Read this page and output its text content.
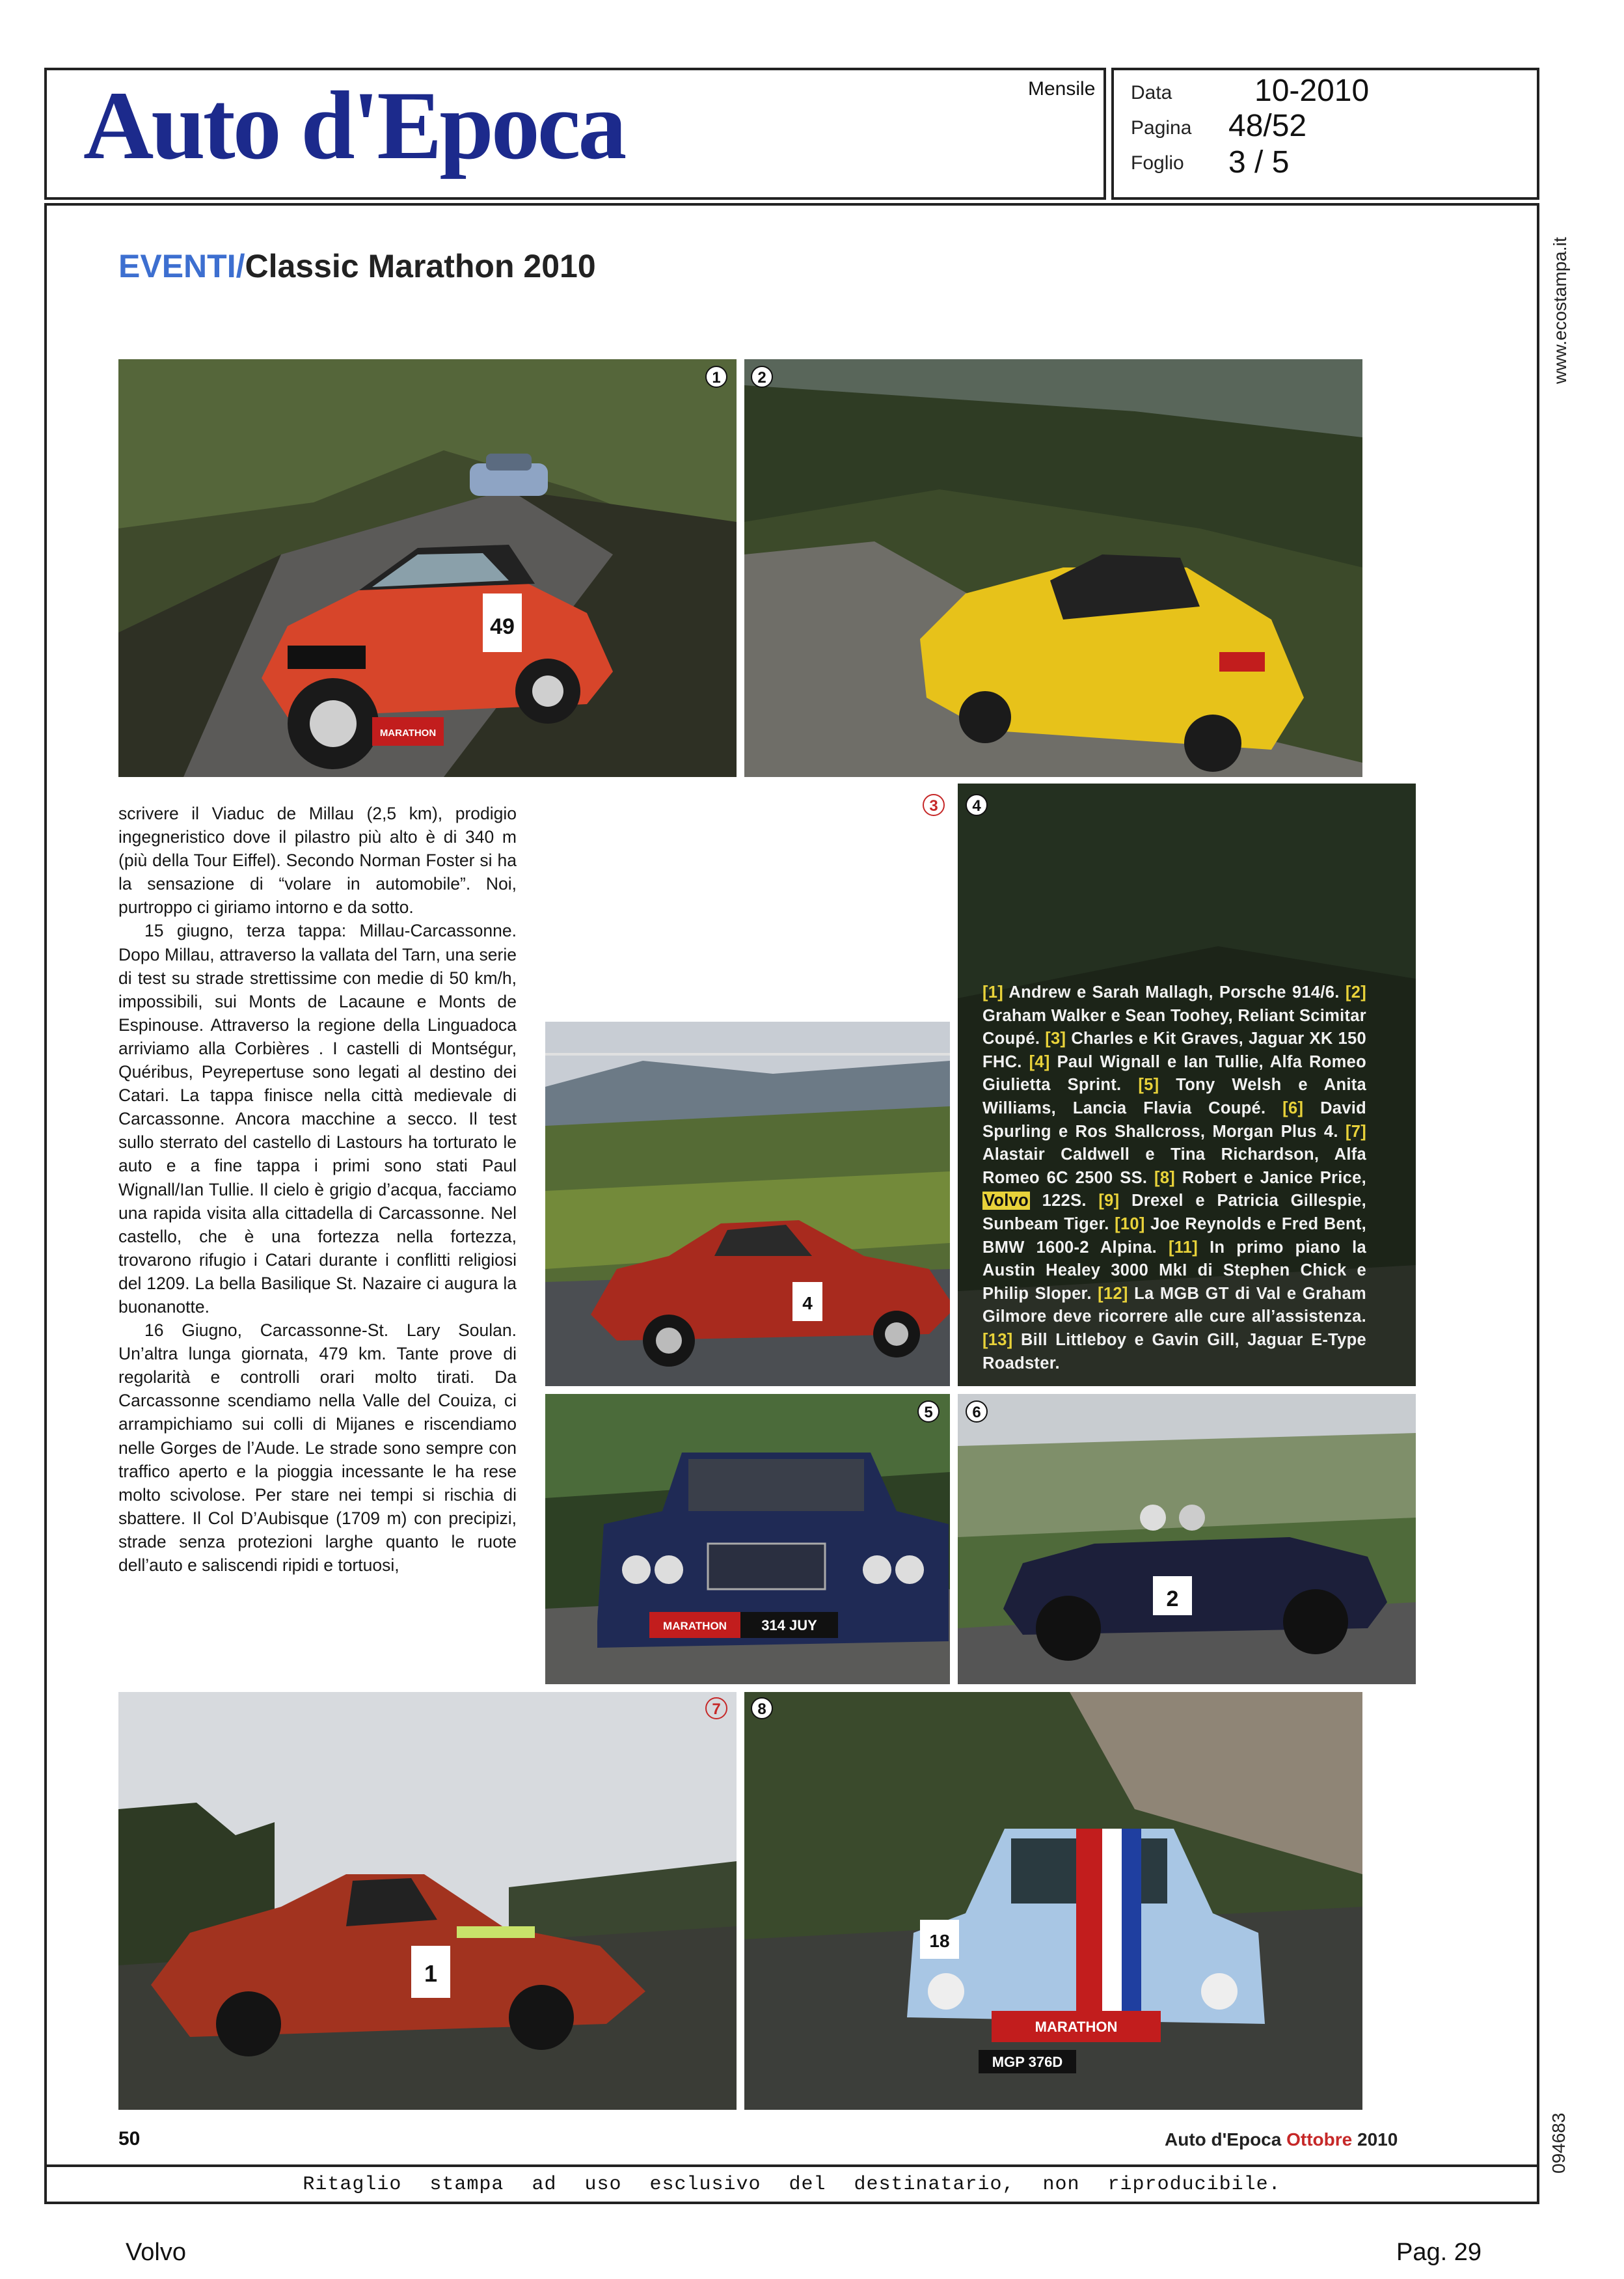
Auto d'Epoca	Mensile Data	10-2010
Pagina 48/52
Foglio 3 / 5
www.ecostampa.it
094683
EVENTI/Classic Marathon 2010
49
MARATHON
1	2

scrivere il Viaduc de Millau (2,5 km), prodigio ingegneristico dove il pilastro più alto è di 340 m (più della Tour Eiffel). Secondo Norman Foster si ha la sensazione di “volare in automobile”. Noi, purtroppo ci giriamo intorno e da sotto.

15 giugno, terza tappa: Millau-Carcassonne. Dopo Millau, attraverso la vallata del Tarn, una serie di test su strade strettissime con medie di 50 km/h, impossibili, sui Monts de Lacaune e Monts de Espinouse. Attraverso la regione della Linguadoca arriviamo alla Corbières . I castelli di Montségur, Quéribus, Peyrepertuse sono legati al destino dei Catari. La tappa finisce nella città medievale di Carcassonne. Ancora macchine a secco. Il test sullo sterrato del castello di Lastours ha torturato le auto e a fine tappa i primi sono stati Paul Wignall/Ian Tullie. Il cielo è grigio d’acqua, facciamo una rapida visita alla cittadella di Carcassonne. Nel castello, che è una fortezza nella fortezza, trovarono rifugio i Catari durante i conflitti religiosi del 1209. La bella Basilique St. Nazaire ci augura la buonanotte.

16 Giugno, Carcassonne-St. Lary Soulan. Un’altra lunga giornata, 479 km. Tante prove di regolarità e controlli orari molto tirati. Da Carcassonne scendiamo nella Valle del Couiza, ci arrampichiamo sui colli di Mijanes e riscendiamo nelle Gorges de l’Aude. Le strade sono sempre con traffico aperto e la pioggia incessante le ha rese molto scivolose. Per stare nei tempi si rischia di sbattere. Il Col D’Aubisque (1709 m) con precipizi, strade senza protezioni larghe quanto le ruote dell’auto e saliscendi ripidi e tortuosi,

4
3	4
[1] Andrew e Sarah Mallagh, Porsche 914/6. [2] Graham Walker e Sean Toohey, Reliant Scimitar Coupé. [3] Charles e Kit Graves, Jaguar XK 150 FHC. [4] Paul Wignall e Ian Tullie, Alfa Romeo Giulietta Sprint. [5] Tony Welsh e Anita Williams, Lancia Flavia Coupé. [6] David Spurling e Ros Shallcross, Morgan Plus 4. [7] Alastair Caldwell e Tina Richardson, Alfa Romeo 6C 2500 SS. [8] Robert e Janice Price, Volvo 122S. [9] Drexel e Patricia Gillespie, Sunbeam Tiger. [10] Joe Reynolds e Fred Bent, BMW 1600-2 Alpina. [11] In primo piano la Austin Healey 3000 MkI di Stephen Chick e Philip Sloper. [12] La MGB GT di Val e Graham Gilmore deve ricorrere alle cure all’assistenza. [13] Bill Littleboy e Gavin Gill, Jaguar E-Type Roadster.
MARATHON 314 JUY
5
2
6
1
7
MARATHON
MGP 376D
18
8
50	Auto d'Epoca Ottobre 2010
Ritaglio stampa ad uso esclusivo del destinatario, non riproducibile.
Volvo	Pag. 29
